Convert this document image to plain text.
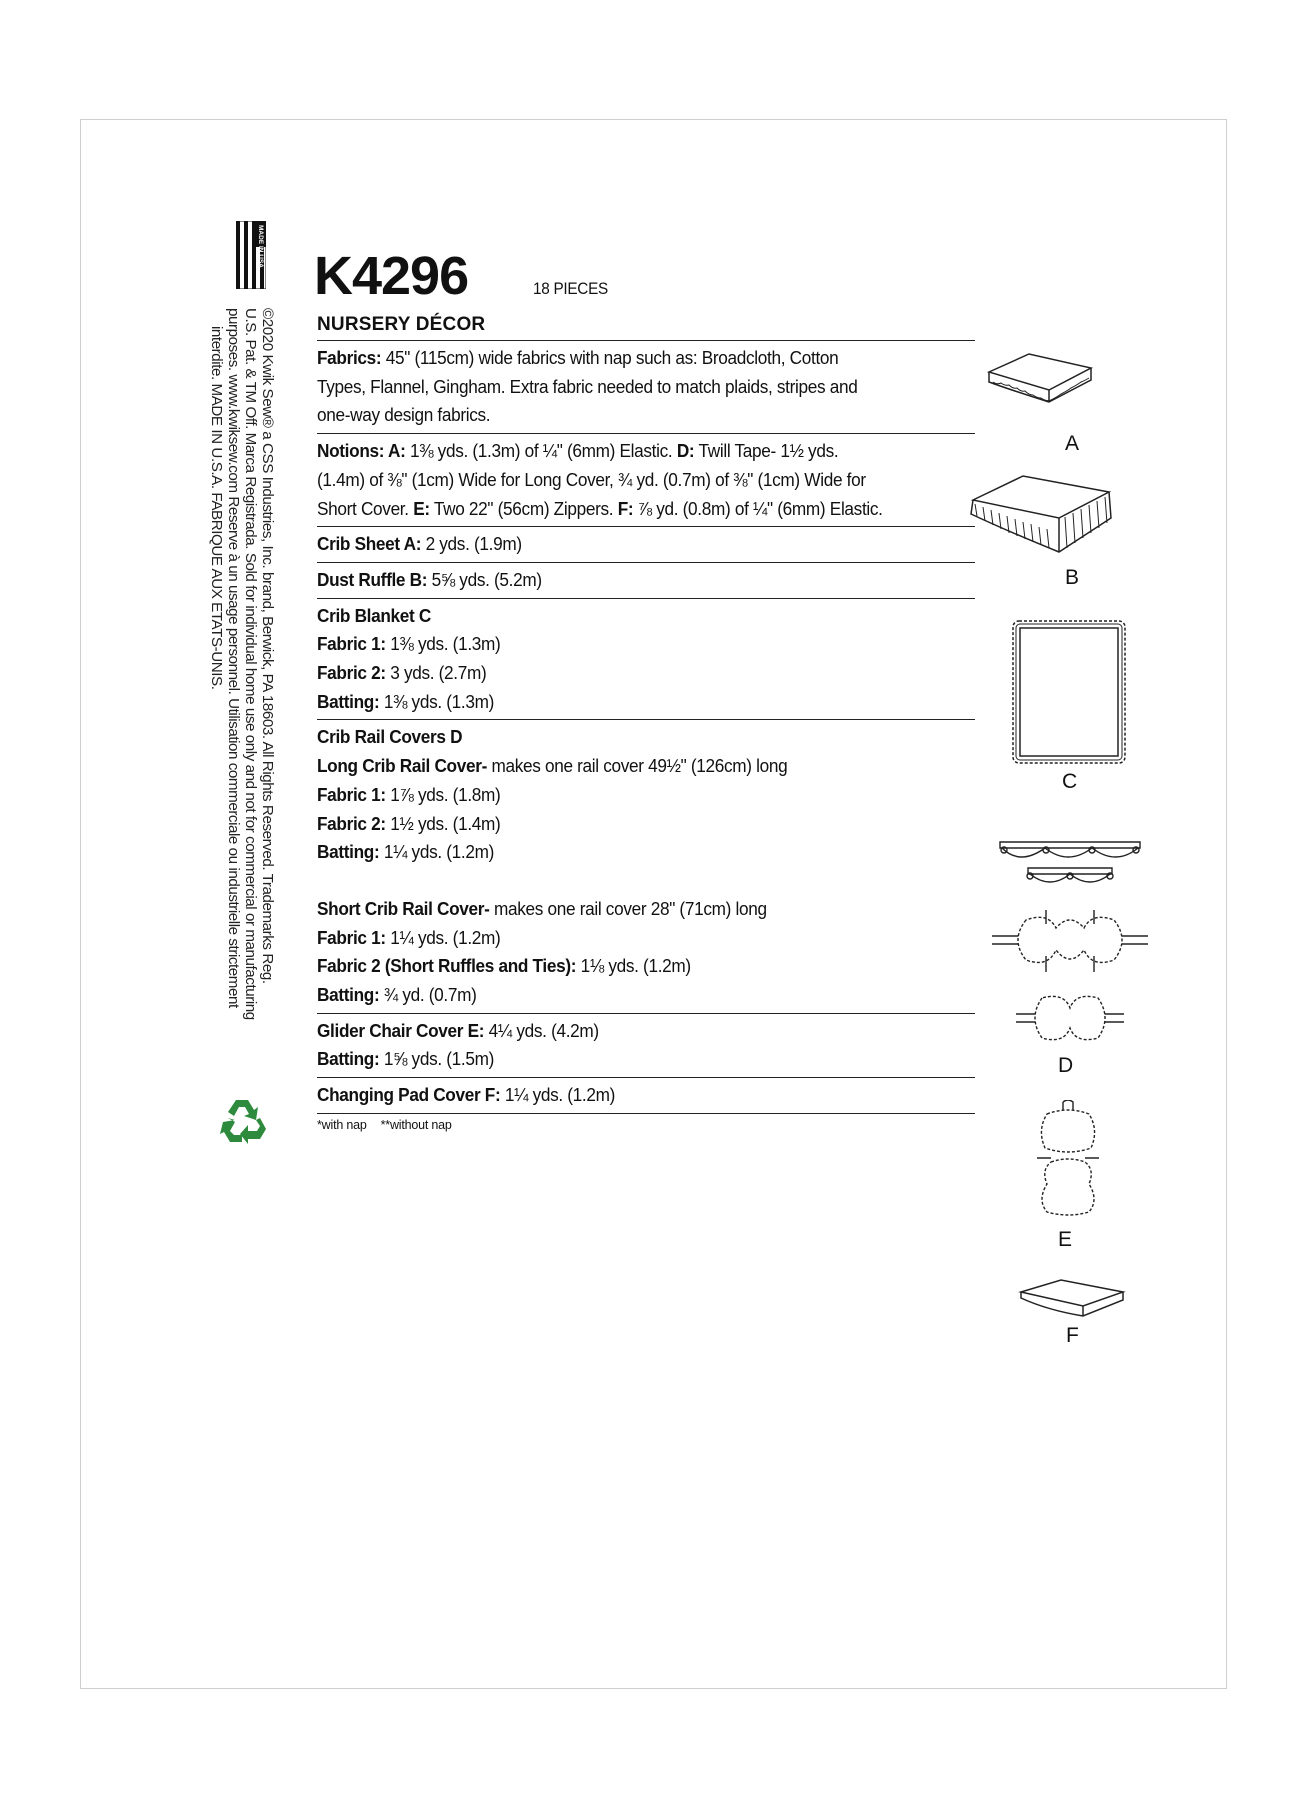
MADE IN USA

©2020 Kwik Sew® a CSS Industries, Inc. brand, Berwick, PA 18603. All Rights Reserved. Trademarks Reg.

U.S. Pat. & TM Off. Marca Registrada. Sold for individual home use only and not for commercial or manufacturing

purposes. www.kwiksew.com Reserve à un usage personnel. Utilisation commerciale ou industrielle strictement

interdite. MADE IN U.S.A. FABRIQUE AUX ETATS-UNIS.

K4296	18 PIECES
NURSERY DÉCOR
Fabrics: 45" (115cm) wide fabrics with nap such as: Broadcloth, Cotton
Types, Flannel, Gingham. Extra fabric needed to match plaids, stripes and
one-way design fabrics.
Notions: A: 1⅜ yds. (1.3m) of ¼" (6mm) Elastic. D: Twill Tape- 1½ yds.
(1.4m) of ⅜" (1cm) Wide for Long Cover, ¾ yd. (0.7m) of ⅜" (1cm) Wide for
Short Cover. E: Two 22" (56cm) Zippers. F: ⅞ yd. (0.8m) of ¼" (6mm) Elastic.
Crib Sheet A: 2 yds. (1.9m)
Dust Ruffle B: 5⅝ yds. (5.2m)
Crib Blanket C
Fabric 1: 1⅜ yds. (1.3m)
Fabric 2: 3 yds. (2.7m)
Batting: 1⅜ yds. (1.3m)
Crib Rail Covers D
Long Crib Rail Cover- makes one rail cover 49½" (126cm) long
Fabric 1: 1⅞ yds. (1.8m)
Fabric 2: 1½ yds. (1.4m)
Batting: 1¼ yds. (1.2m)
Short Crib Rail Cover- makes one rail cover 28" (71cm) long
Fabric 1: 1¼ yds. (1.2m)
Fabric 2 (Short Ruffles and Ties): 1⅛ yds. (1.2m)
Batting: ¾ yd. (0.7m)
Glider Chair Cover E: 4¼ yds. (4.2m)
Batting: 1⅝ yds. (1.5m)
Changing Pad Cover F: 1¼ yds. (1.2m)
*with nap **without nap
A
B
C
D
E
F
